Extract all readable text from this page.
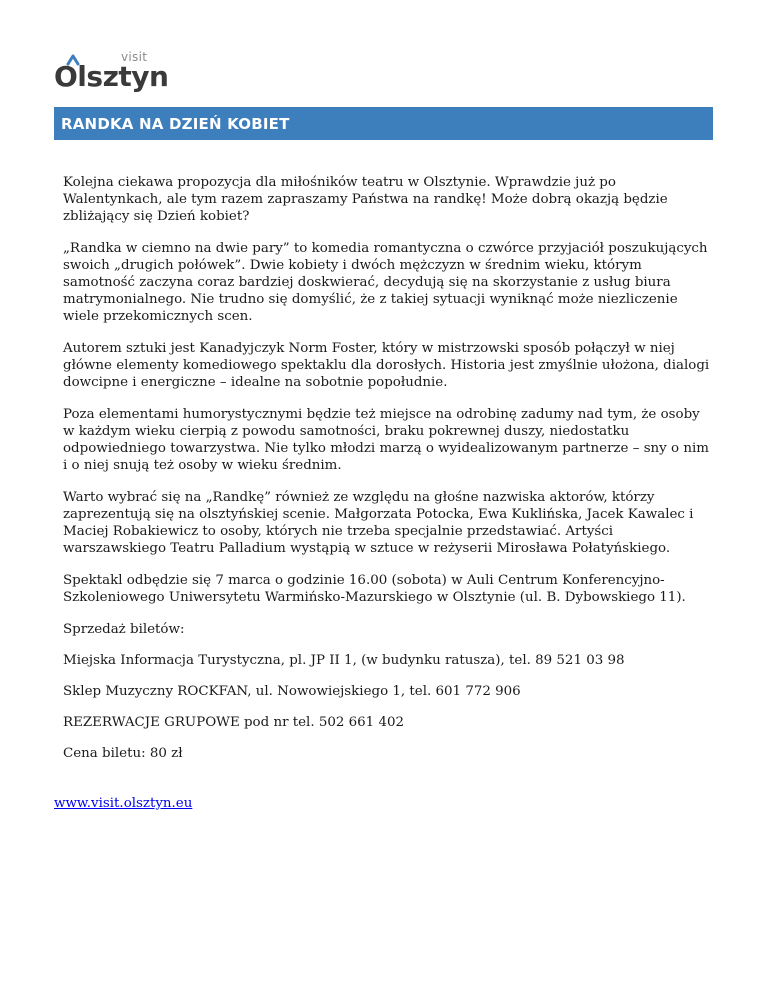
visit
Olsztyn
RANDKA NA DZIEŃ KOBIET

Kolejna ciekawa propozycja dla miłośników teatru w Olsztynie. Wprawdzie już po Walentynkach, ale tym razem zapraszamy Państwa na randkę! Może dobrą okazją będzie zbliżający się Dzień kobiet?

„Randka w ciemno na dwie pary” to komedia romantyczna o czwórce przyjaciół poszukujących swoich „drugich połówek”. Dwie kobiety i dwóch mężczyzn w średnim wieku, którym samotność zaczyna coraz bardziej doskwierać, decydują się na skorzystanie z usług biura matrymonialnego. Nie trudno się domyślić, że z takiej sytuacji wyniknąć może niezliczenie wiele przekomicznych scen.

Autorem sztuki jest Kanadyjczyk Norm Foster, który w mistrzowski sposób połączył w niej główne elementy komediowego spektaklu dla dorosłych. Historia jest zmyślnie ułożona, dialogi dowcipne i energiczne – idealne na sobotnie popołudnie.

Poza elementami humorystycznymi będzie też miejsce na odrobinę zadumy nad tym, że osoby w każdym wieku cierpią z powodu samotności, braku pokrewnej duszy, niedostatku odpowiedniego towarzystwa. Nie tylko młodzi marzą o wyidealizowanym partnerze – sny o nim i o niej snują też osoby w wieku średnim.

Warto wybrać się na „Randkę” również ze względu na głośne nazwiska aktorów, którzy zaprezentują się na olsztyńskiej scenie. Małgorzata Potocka, Ewa Kuklińska, Jacek Kawalec i Maciej Robakiewicz to osoby, których nie trzeba specjalnie przedstawiać. Artyści warszawskiego Teatru Palladium wystąpią w sztuce w reżyserii Mirosława Połatyńskiego.

Spektakl odbędzie się 7 marca o godzinie 16.00 (sobota) w Auli Centrum Konferencyjno-Szkoleniowego Uniwersytetu Warmińsko-Mazurskiego w Olsztynie (ul. B. Dybowskiego 11).

Sprzedaż biletów:

Miejska Informacja Turystyczna, pl. JP II 1, (w budynku ratusza), tel. 89 521 03 98

Sklep Muzyczny ROCKFAN, ul. Nowowiejskiego 1, tel. 601 772 906

REZERWACJE GRUPOWE pod nr tel. 502 661 402

Cena biletu: 80 zł

www.visit.olsztyn.eu
